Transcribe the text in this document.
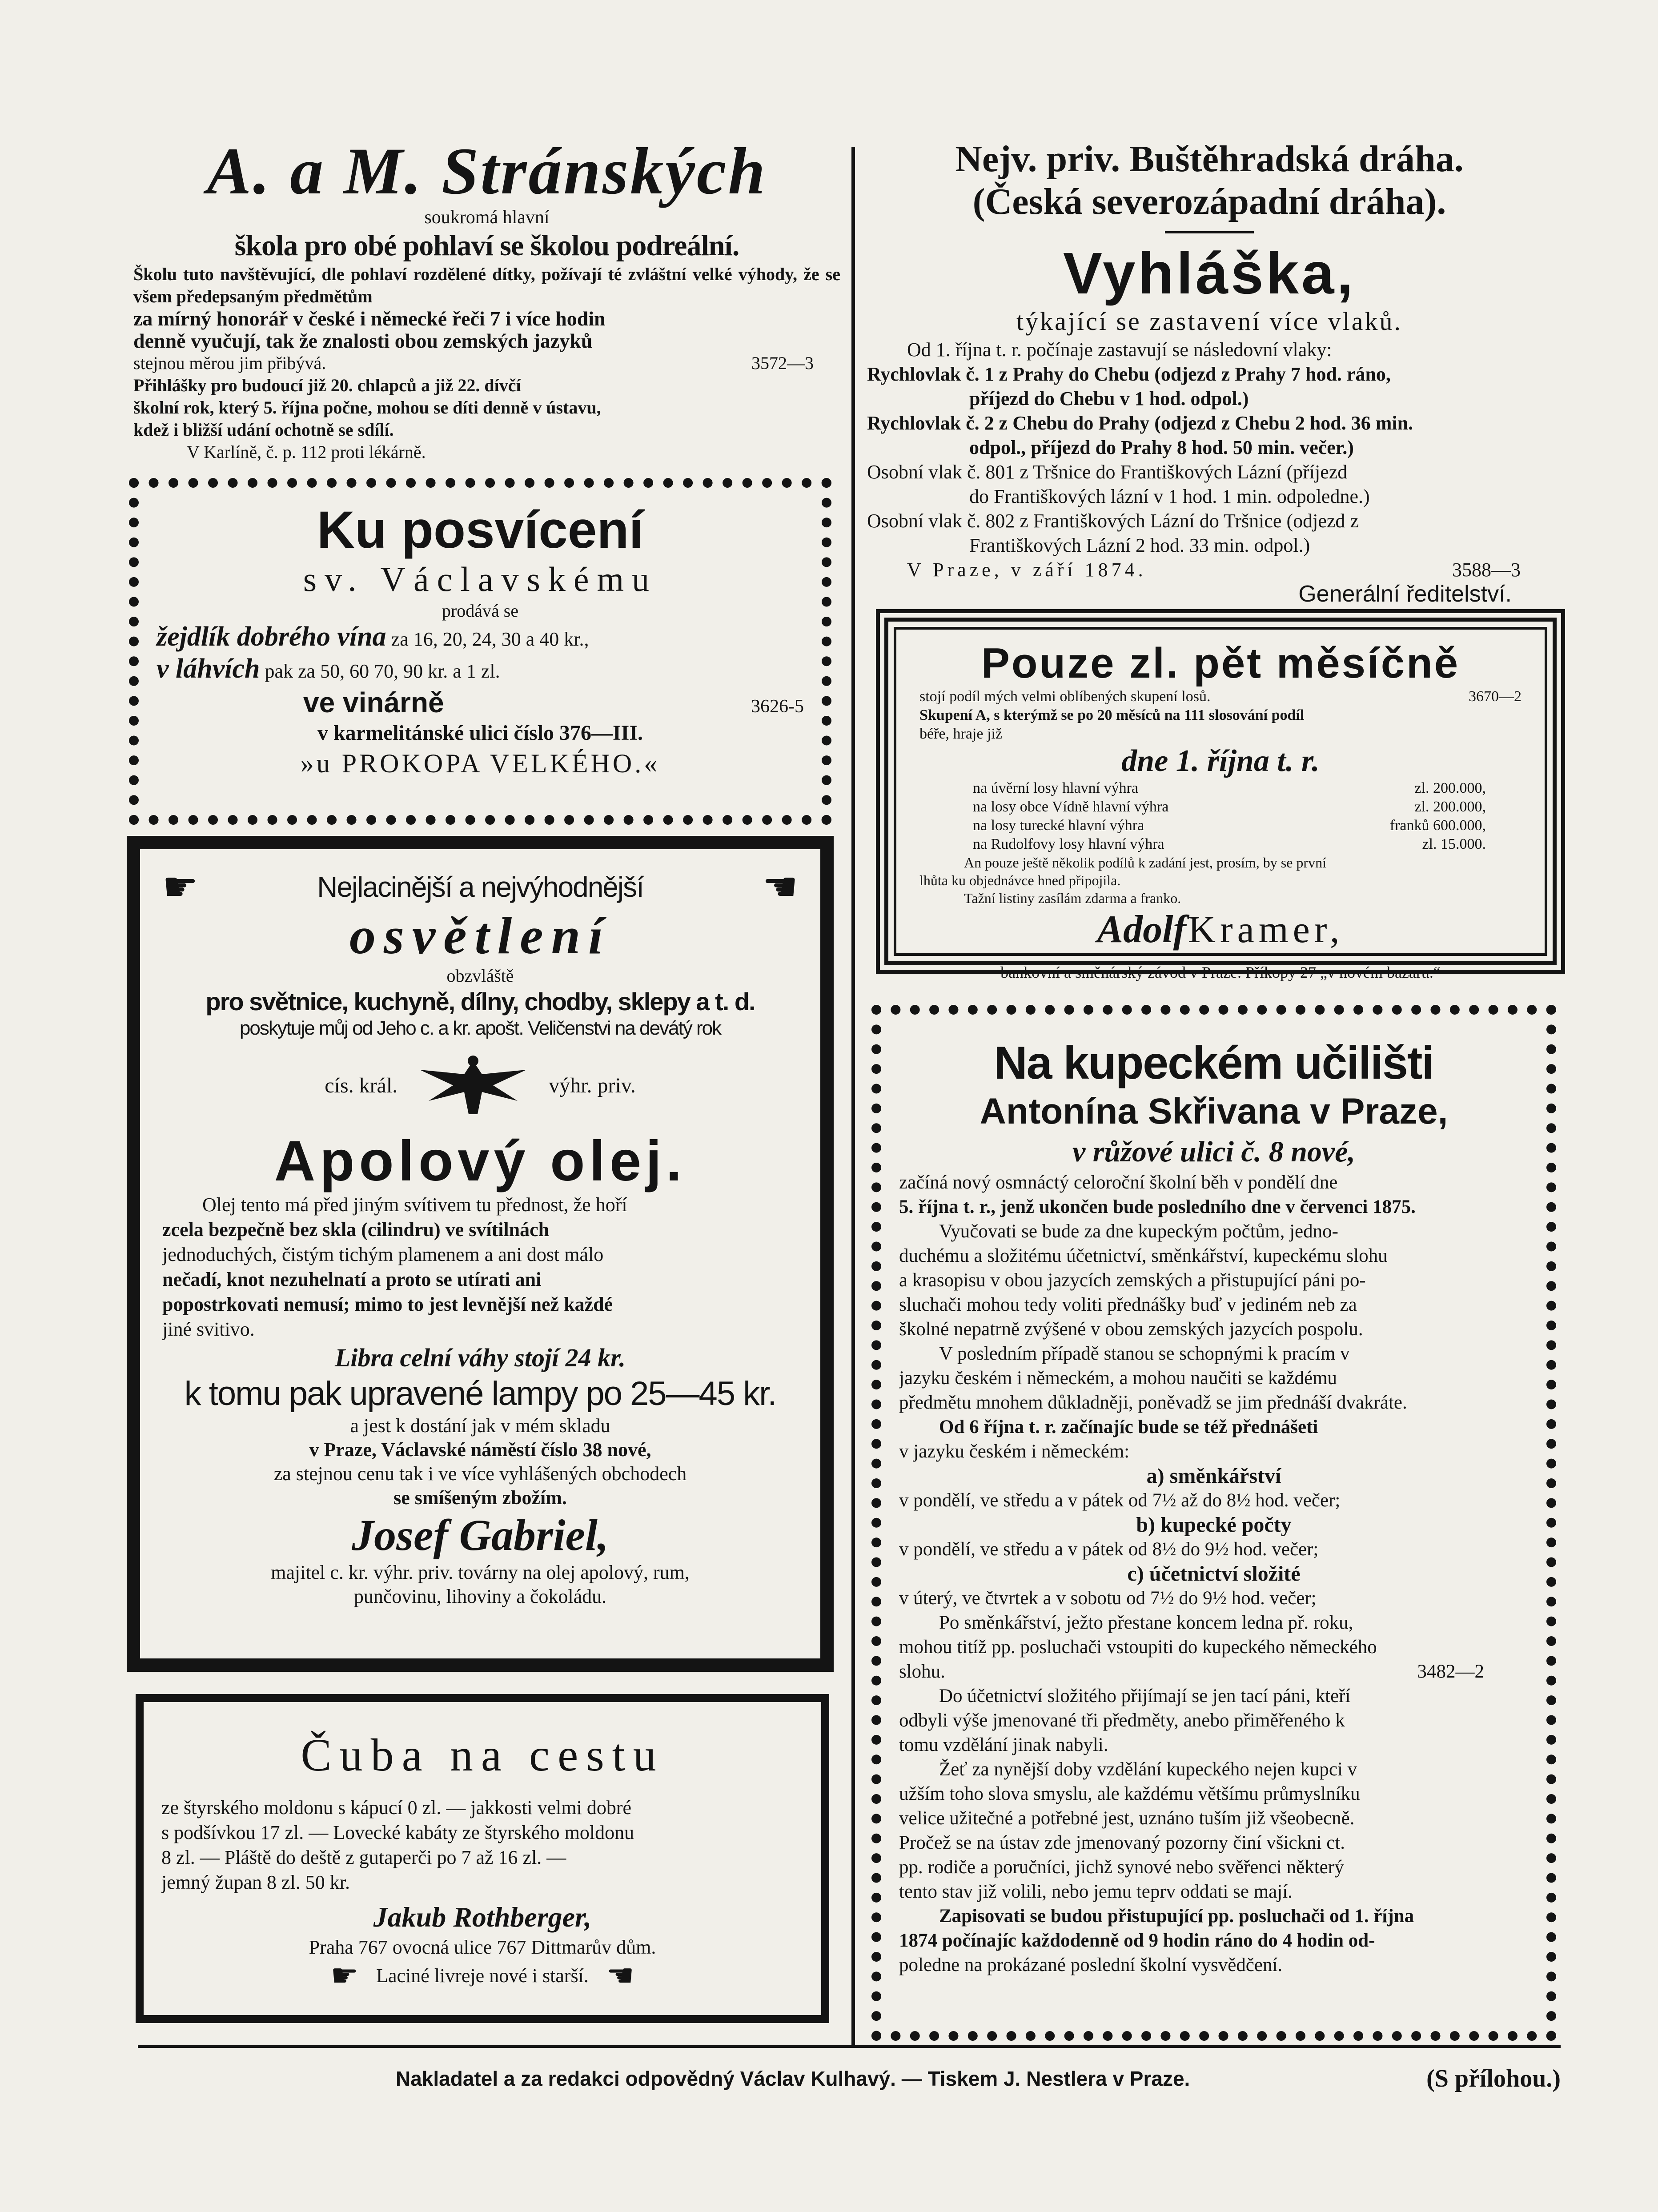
A. a M. Stránských
soukromá hlavní
škola pro obé pohlaví se školou podreální.
Školu tuto navštěvující, dle pohlaví rozdělené dítky, požívají té zvláštní velké výhody, že se všem předepsaným předmětům
za mírný honorář v české i německé řeči 7 i více hodin
denně vyučují, tak že znalosti obou zemských jazyků
stejnou měrou jim přibývá.	3572—3
Přihlášky pro budoucí již 20. chlapců a již 22. dívčí
školní rok, který 5. října počne, mohou se díti denně v ústavu,
kdež i bližší udání ochotně se sdílí.
V Karlíně, č. p. 112 proti lékárně.
Ku posvícení
sv. Václavskému
prodává se
žejdlík dobrého vína za 16, 20, 24, 30 a 40 kr.,
v láhvích pak za 50, 60 70, 90 kr. a 1 zl.
ve vinárně	3626-5
v karmelitánské ulici číslo 376—III.
»u PROKOPA VELKÉHO.«
☛	Nejlacinější a nejvýhodnější	☚
osvětlení
obzvláště
pro světnice, kuchyně, dílny, chodby, sklepy a t. d.
poskytuje můj od Jeho c. a kr. apošt. Veličenstvi na devátý rok
cís. král.	výhr. priv.
Apolový olej.
Olej tento má před jiným svítivem tu přednost, že hoří
zcela bezpečně bez skla (cilindru) ve svítilnách
jednoduchých, čistým tichým plamenem a ani dost málo
nečadí, knot nezuhelnatí a proto se utírati ani
popostrkovati nemusí; mimo to jest levnější než každé
jiné svitivo.
Libra celní váhy stojí 24 kr.
k tomu pak upravené lampy po 25—45 kr.
a jest k dostání jak v mém skladu
v Praze, Václavské náměstí číslo 38 nové,
za stejnou cenu tak i ve více vyhlášených obchodech
se smíšeným zbožím.
Josef Gabriel,
majitel c. kr. výhr. priv. továrny na olej apolový, rum,
punčovinu, lihoviny a čokoládu.
Čuba na cestu
ze štyrského moldonu s kápucí 0 zl. — jakkosti velmi dobré
s podšívkou 17 zl. — Lovecké kabáty ze štyrského moldonu
8 zl. — Pláště do deště z gutaperči po 7 až 16 zl. —
jemný župan 8 zl. 50 kr.
Jakub Rothberger,
Praha 767 ovocná ulice 767 Dittmarův dům.
☛ Laciné livreje nové i starší. ☚
Nejv. priv. Buštěhradská dráha.
(Česká severozápadní dráha).
Vyhláška,
týkající se zastavení více vlaků.
Od 1. října t. r. počínaje zastavují se následovní vlaky:
Rychlovlak č. 1 z Prahy do Chebu (odjezd z Prahy 7 hod. ráno,
příjezd do Chebu v 1 hod. odpol.)
Rychlovlak č. 2 z Chebu do Prahy (odjezd z Chebu 2 hod. 36 min.
odpol., příjezd do Prahy 8 hod. 50 min. večer.)
Osobní vlak č. 801 z Tršnice do Františkových Lázní (příjezd
do Františkových lázní v 1 hod. 1 min. odpoledne.)
Osobní vlak č. 802 z Františkových Lázní do Tršnice (odjezd z
Františkových Lázní 2 hod. 33 min. odpol.)
V Praze, v září 1874.	3588—3
Generální ředitelství.
Pouze zl. pět měsíčně
stojí podíl mých velmi oblíbených skupení losů.	3670—2
Skupení A, s kterýmž se po 20 měsíců na 111 slosování podíl
béře, hraje již
dne 1. října t. r.
na úvěrní losy hlavní výhra	zl. 200.000,
na losy obce Vídně hlavní výhra	zl. 200.000,
na losy turecké hlavní výhra	franků 600.000,
na Rudolfovy losy hlavní výhra	zl. 15.000.
An pouze ještě několik podílů k zadání jest, prosím, by se první
lhůta ku objednávce hned připojila.
Tažní listiny zasílám zdarma a franko.
Adolf Kramer,
bankovní a směnárský závod v Praze. Příkopy 27 „v novém bazaru.“
Na kupeckém učilišti
Antonína Skřivana v Praze,
v růžové ulici č. 8 nové,
začíná nový osmnáctý celoroční školní běh v pondělí dne
5. října t. r., jenž ukončen bude posledního dne v červenci 1875.
Vyučovati se bude za dne kupeckým počtům, jedno-
duchému a složitému účetnictví, směnkářství, kupeckému slohu
a krasopisu v obou jazycích zemských a přistupující páni po-
sluchači mohou tedy voliti přednášky buď v jediném neb za
školné nepatrně zvýšené v obou zemských jazycích pospolu.
V posledním případě stanou se schopnými k pracím v
jazyku českém i německém, a mohou naučiti se každému
předmětu mnohem důkladněji, poněvadž se jim přednáší dvakráte.
Od 6 října t. r. začínajíc bude se též přednášeti
v jazyku českém i německém:
a) směnkářství
v pondělí, ve středu a v pátek od 7½ až do 8½ hod. večer;
b) kupecké počty
v pondělí, ve středu a v pátek od 8½ do 9½ hod. večer;
c) účetnictví složité
v úterý, ve čtvrtek a v sobotu od 7½ do 9½ hod. večer;
Po směnkářství, ježto přestane koncem ledna př. roku,
mohou titíž pp. posluchači vstoupiti do kupeckého německého
slohu.	3482—2
Do účetnictví složitého přijímají se jen tací páni, kteří
odbyli výše jmenované tři předměty, anebo přiměřeného k
tomu vzdělání jinak nabyli.
Žeť za nynější doby vzdělání kupeckého nejen kupci v
užším toho slova smyslu, ale každému většímu průmyslníku
velice užitečné a potřebné jest, uznáno tuším již všeobecně.
Pročež se na ústav zde jmenovaný pozorny činí všickni ct.
pp. rodiče a poručníci, jichž synové nebo svěřenci některý
tento stav již volili, nebo jemu teprv oddati se mají.
Zapisovati se budou přistupující pp. posluchači od 1. října
1874 počínajíc každodenně od 9 hodin ráno do 4 hodin od-
poledne na prokázané poslední školní vysvědčení.
Nakladatel a za redakci odpovědný Václav Kulhavý. — Tiskem J. Nestlera v Praze.	(S přílohou.)
